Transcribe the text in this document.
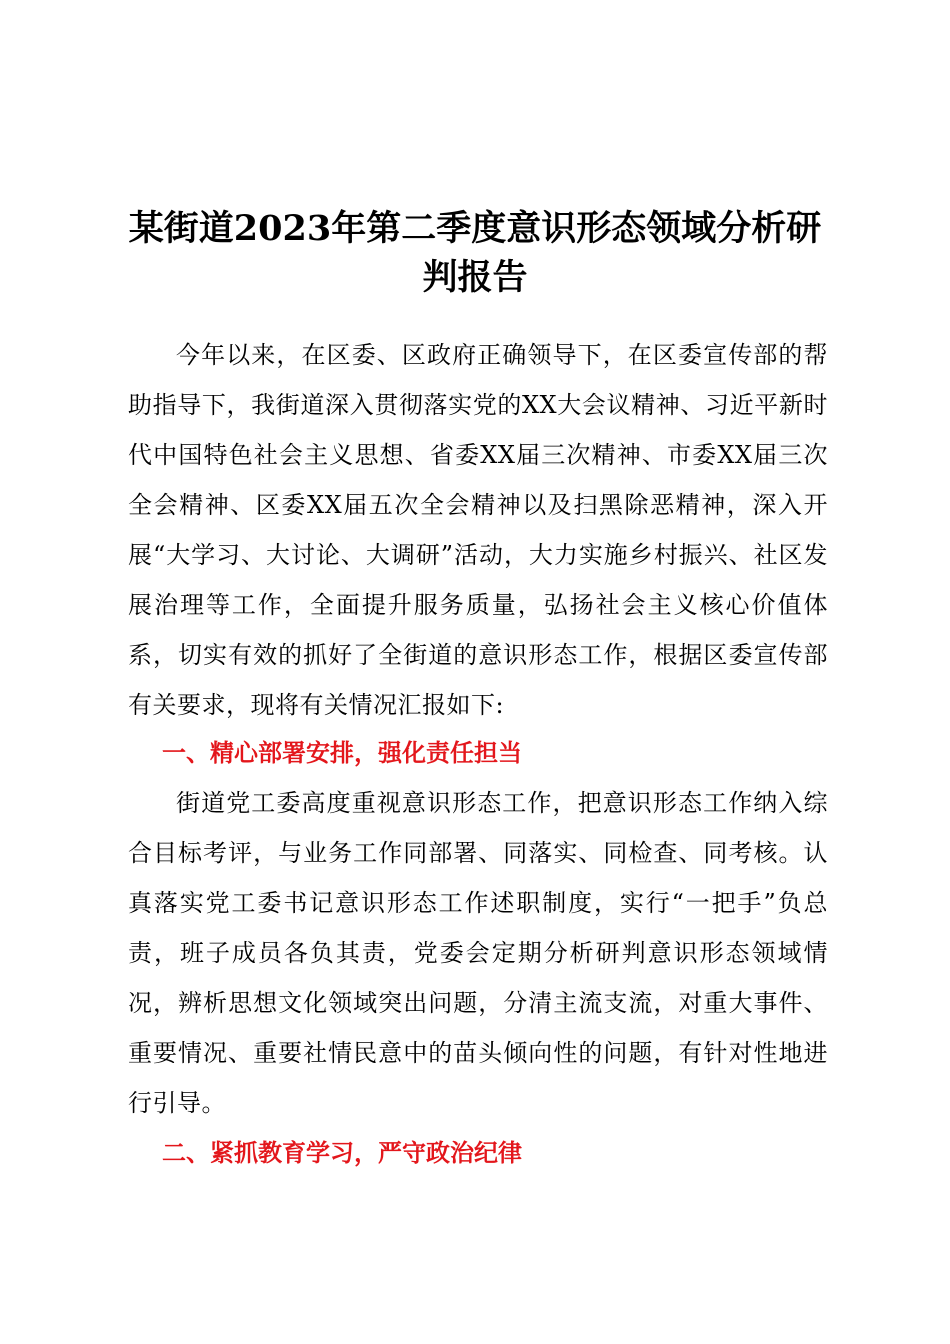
某街道2023年第二季度意识形态领域分析研
判报告

今年以来，在区委、区政府正确领导下，在区委宣传部的帮助指导下，我街道深入贯彻落实党的XX大会议精神、习近平新时代中国特色社会主义思想、省委XX届三次精神、市委XX届三次全会精神、区委XX届五次全会精神以及扫黑除恶精神，深入开展“大学习、大讨论、大调研”活动，大力实施乡村振兴、社区发展治理等工作，全面提升服务质量，弘扬社会主义核心价值体系，切实有效的抓好了全街道的意识形态工作，根据区委宣传部有关要求，现将有关情况汇报如下:

一、精心部署安排，强化责任担当

街道党工委高度重视意识形态工作，把意识形态工作纳入综合目标考评，与业务工作同部署、同落实、同检查、同考核。认真落实党工委书记意识形态工作述职制度，实行“一把手”负总责，班子成员各负其责，党委会定期分析研判意识形态领域情况，辨析思想文化领域突出问题，分清主流支流，对重大事件、重要情况、重要社情民意中的苗头倾向性的问题，有针对性地进行引导。

二、紧抓教育学习，严守政治纪律
